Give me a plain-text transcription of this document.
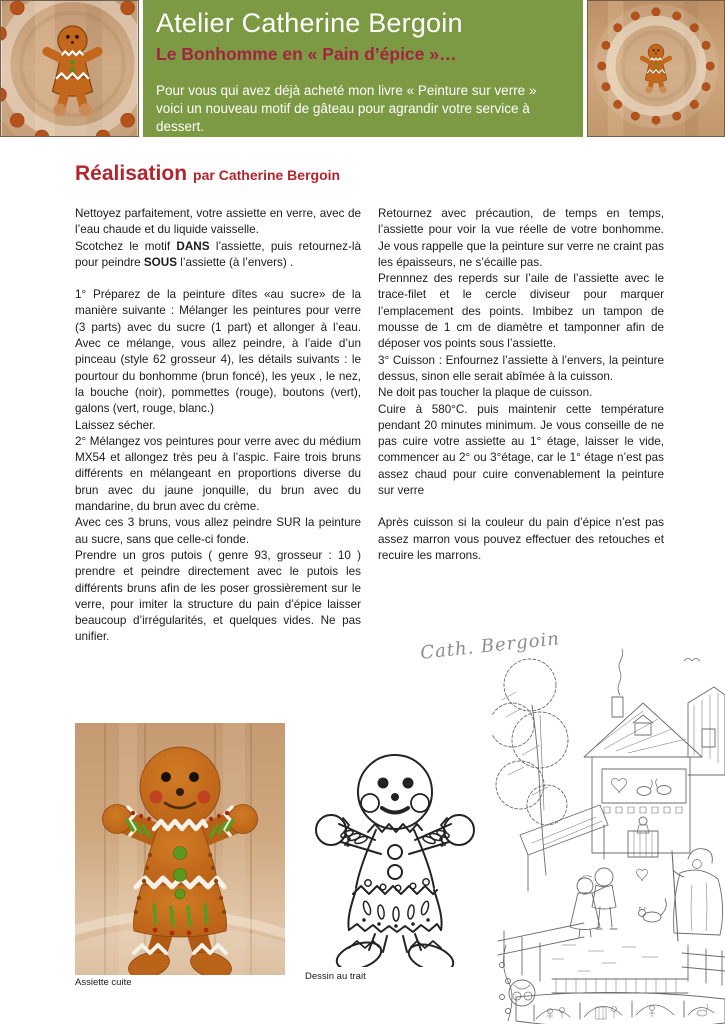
Atelier Catherine Bergoin
Le Bonhomme en « Pain d’épice »…
Pour vous qui avez déjà acheté mon livre « Peinture sur verre » voici un nouveau motif de gâteau pour agrandir votre service à dessert.
Réalisation par Catherine Bergoin

Nettoyez parfaitement, votre assiette en verre, avec de l’eau chaude et du liquide vaisselle.

Scotchez le motif DANS l’assiette, puis retournez-là pour peindre SOUS l’assiette (à l’envers) .

1° Préparez de la peinture dîtes «au sucre» de la manière suivante : Mélanger les peintures pour verre (3 parts) avec du sucre (1 part) et allonger à l’eau. Avec ce mélange, vous allez peindre, à l’aide d’un pinceau (style 62 grosseur 4), les détails suivants : le pourtour du bonhomme (brun foncé), les yeux , le nez, la bouche (noir), pommettes (rouge), boutons (vert), galons (vert, rouge, blanc.)

Laissez sécher.

2° Mélangez vos peintures pour verre avec du médium MX54 et allongez très peu à l’aspic. Faire trois bruns différents en mélangeant en proportions diverse du brun avec du jaune jonquille, du brun avec du mandarine, du brun avec du crème.

Avec ces 3 bruns, vous allez peindre SUR la peinture au sucre, sans que celle-ci fonde.

Prendre un gros putois ( genre 93, grosseur : 10 ) prendre et peindre directement avec le putois les différents bruns afin de les poser grossièrement sur le verre, pour imiter la structure du pain d’épice laisser beaucoup d’irrégularités, et quelques vides. Ne pas unifier.

Retournez avec précaution, de temps en temps, l’assiette pour voir la vue réelle de votre bonhomme. Je vous rappelle que la peinture sur verre ne craint pas les épaisseurs, ne s’écaille pas.

Prennnez des reperds sur l’aile de l’assiette avec le trace-filet et le cercle diviseur pour marquer l’emplacement des points. Imbibez un tampon de mousse de 1 cm de diamètre et tamponner afin de déposer vos points sous l’assiette.

3° Cuisson : Enfournez l’assiette à l’envers, la peinture dessus, sinon elle serait abîmée à la cuisson.

Ne doit pas toucher la plaque de cuisson.

Cuire à 580°C. puis maintenir cette température pendant 20 minutes minimum. Je vous conseille de ne pas cuire votre assiette au 1° étage, laisser le vide, commencer au 2° ou 3°étage, car le 1° étage n’est pas assez chaud pour cuire convenablement la peinture sur verre

Après cuisson si la couleur du pain d’épice n’est pas assez marron vous pouvez effectuer des retouches et recuire les marrons.

Cath. Bergoin
Assiette cuite
Dessin au trait
